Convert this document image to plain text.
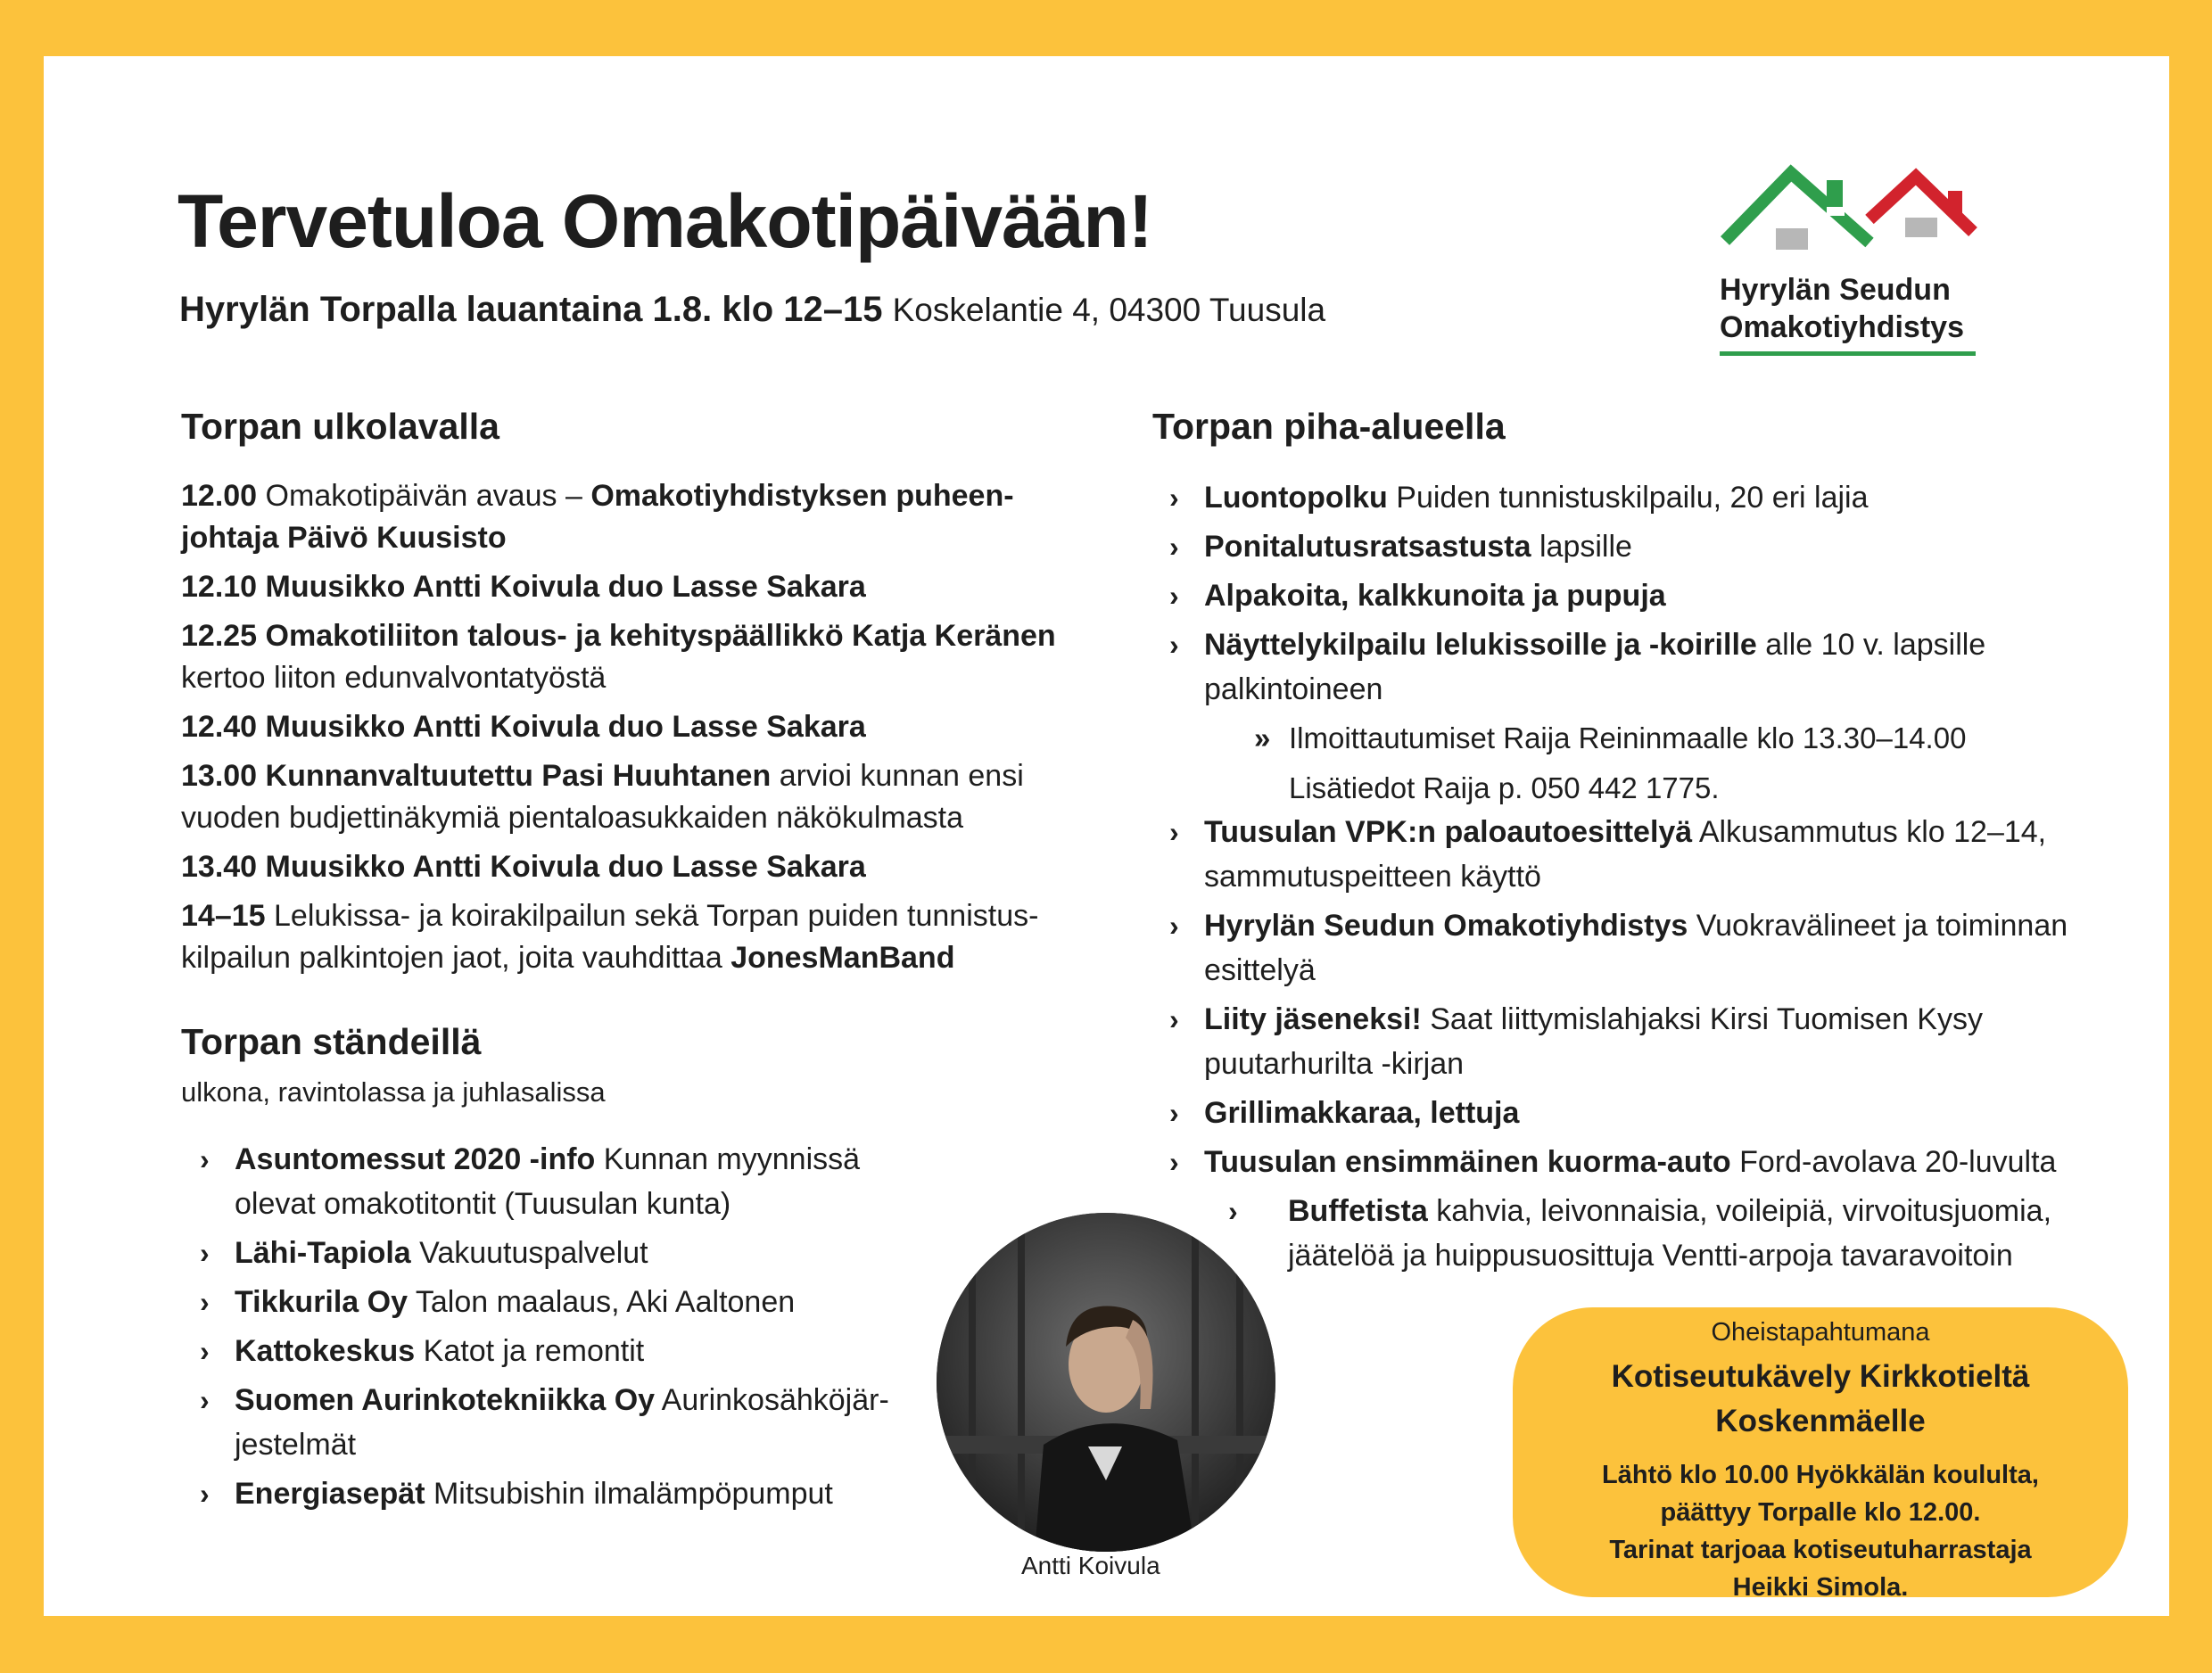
Tervetuloa Omakotipäivään!
Hyrylän Torpalla lauantaina 1.8. klo 12–15 Koskelantie 4, 04300 Tuusula
Hyrylän Seudun
Omakotiyhdistys
Torpan ulkolavalla
12.00 Omakotipäivän avaus – Omakotiyhdistyksen puheen-johtaja Päivö Kuusisto
12.10 Muusikko Antti Koivula duo Lasse Sakara
12.25 Omakotiliiton talous- ja kehityspäällikkö Katja Keränen kertoo liiton edunvalvontatyöstä
12.40 Muusikko Antti Koivula duo Lasse Sakara
13.00 Kunnanvaltuutettu Pasi Huuhtanen arvioi kunnan ensi vuoden budjettinäkymiä pientaloasukkaiden näkökulmasta
13.40 Muusikko Antti Koivula duo Lasse Sakara
14–15 Lelukissa- ja koirakilpailun sekä Torpan puiden tunnistus-kilpailun palkintojen jaot, joita vauhdittaa JonesManBand
Torpan ständeillä
ulkona, ravintolassa ja juhlasalissa
› Asuntomessut 2020 -info Kunnan myynnissä olevat omakotitontit (Tuusulan kunta)
› Lähi-Tapiola Vakuutuspalvelut
› Tikkurila Oy Talon maalaus, Aki Aaltonen
› Kattokeskus Katot ja remontit
› Suomen Aurinkotekniikka Oy Aurinkosähköjär-jestelmät
› Energiasepät Mitsubishin ilmalämpöpumput
Torpan piha-alueella
› Luontopolku Puiden tunnistuskilpailu, 20 eri lajia
› Ponitalutusratsastusta lapsille
› Alpakoita, kalkkunoita ja pupuja
› Näyttelykilpailu lelukissoille ja -koirille alle 10 v. lapsille palkintoineen
» Ilmoittautumiset Raija Reininmaalle klo 13.30–14.00
Lisätiedot Raija p. 050 442 1775.
› Tuusulan VPK:n paloautoesittelyä Alkusammutus klo 12–14, sammutuspeitteen käyttö
› Hyrylän Seudun Omakotiyhdistys Vuokravälineet ja toiminnan esittelyä
› Liity jäseneksi! Saat liittymislahjaksi Kirsi Tuomisen Kysy puutarhurilta -kirjan
› Grillimakkaraa, lettuja
› Tuusulan ensimmäinen kuorma-auto Ford-avolava 20-luvulta
› Buffetista kahvia, leivonnaisia, voileipiä, virvoitusjuomia, jäätelöä ja huippusuosittuja Ventti-arpoja tavaravoitoin
Antti Koivula
Oheistapahtumana
Kotiseutukävely Kirkkotieltä
Koskenmäelle
Lähtö klo 10.00 Hyökkälän koululta,
päättyy Torpalle klo 12.00.
Tarinat tarjoaa kotiseutuharrastaja
Heikki Simola.
